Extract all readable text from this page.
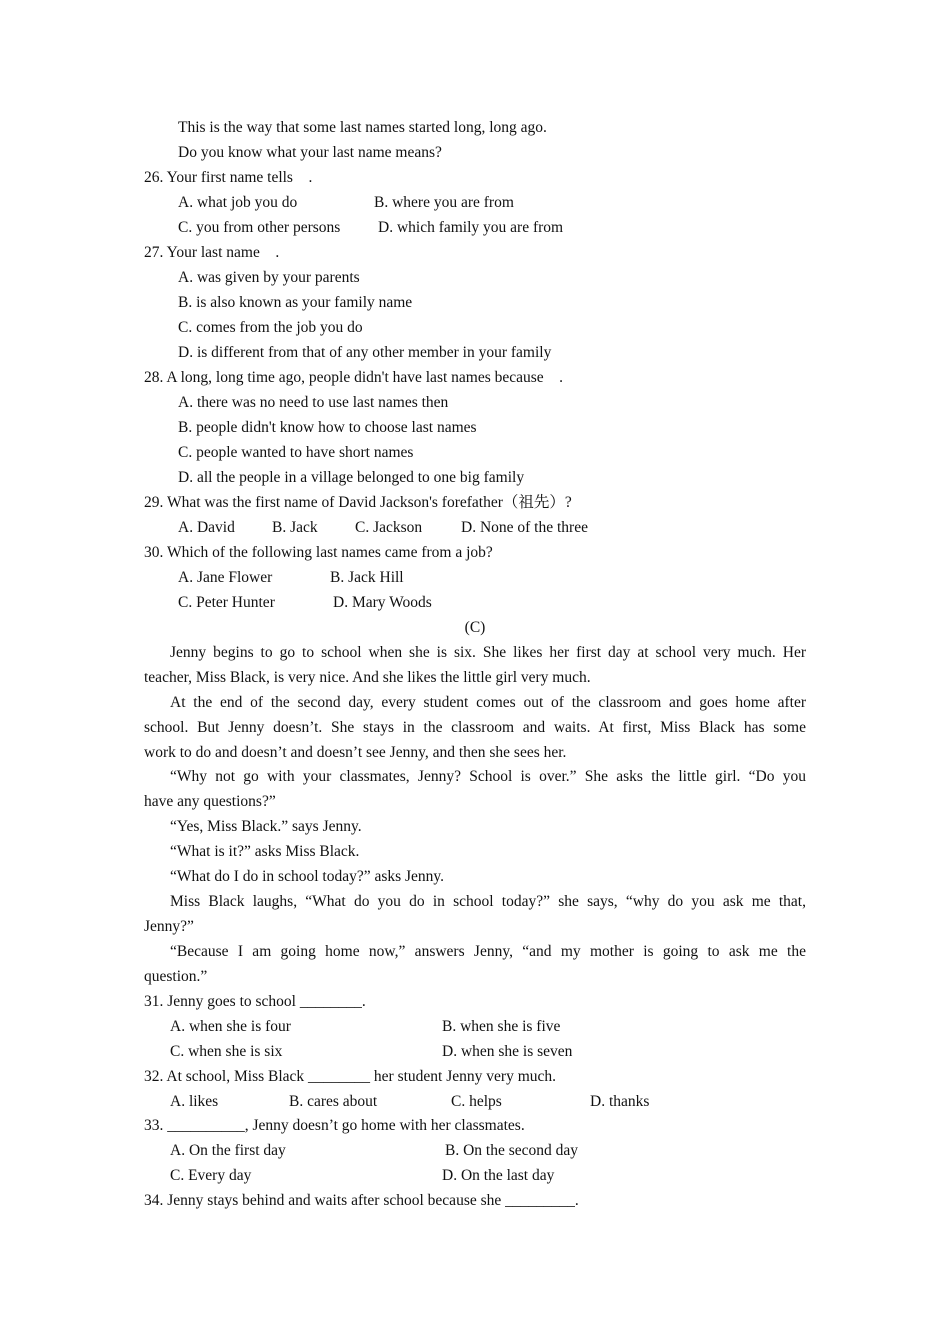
This is the way that some last names started long, long ago.
Do you know what your last name means?
26. Your first name tells　.
A. what job you do	B. where you are from
C. you from other persons D. which family you are from
27. Your last name　.
A. was given by your parents
B. is also known as your family name
C. comes from the job you do
D. is different from that of any other member in your family
28. A long, long time ago, people didn't have last names because　.
A. there was no need to use last names then
B. people didn't know how to choose last names
C. people wanted to have short names
D. all the people in a village belonged to one big family
29. What was the first name of David Jackson's forefather（祖先）?
A. David B. Jack C. Jackson	D. None of the three
30. Which of the following last names came from a job?
A. Jane Flower	B. Jack Hill
C. Peter Hunter	D. Mary Woods
(C)
Jenny begins to go to school when she is six. She likes her first day at school very much. Her
teacher, Miss Black, is very nice. And she likes the little girl very much.
At the end of the second day, every student comes out of the classroom and goes home after
school. But Jenny doesn’t. She stays in the classroom and waits. At first, Miss Black has some
work to do and doesn’t and doesn’t see Jenny, and then she sees her.
“Why not go with your classmates, Jenny? School is over.” She asks the little girl. “Do you
have any questions?”
“Yes, Miss Black.” says Jenny.
“What is it?” asks Miss Black.
“What do I do in school today?” asks Jenny.
Miss Black laughs, “What do you do in school today?” she says, “why do you ask me that,
Jenny?”
“Because I am going home now,” answers Jenny, “and my mother is going to ask me the
question.”
31. Jenny goes to school ________.
A. when she is four	B. when she is five
C. when she is six	D. when she is seven
32. At school, Miss Black ________ her student Jenny very much.
A. likes	B. cares about	C. helps	D. thanks
33. __________, Jenny doesn’t go home with her classmates.
A. On the first day	B. On the second day
C. Every day	D. On the last day
34. Jenny stays behind and waits after school because she _________.
